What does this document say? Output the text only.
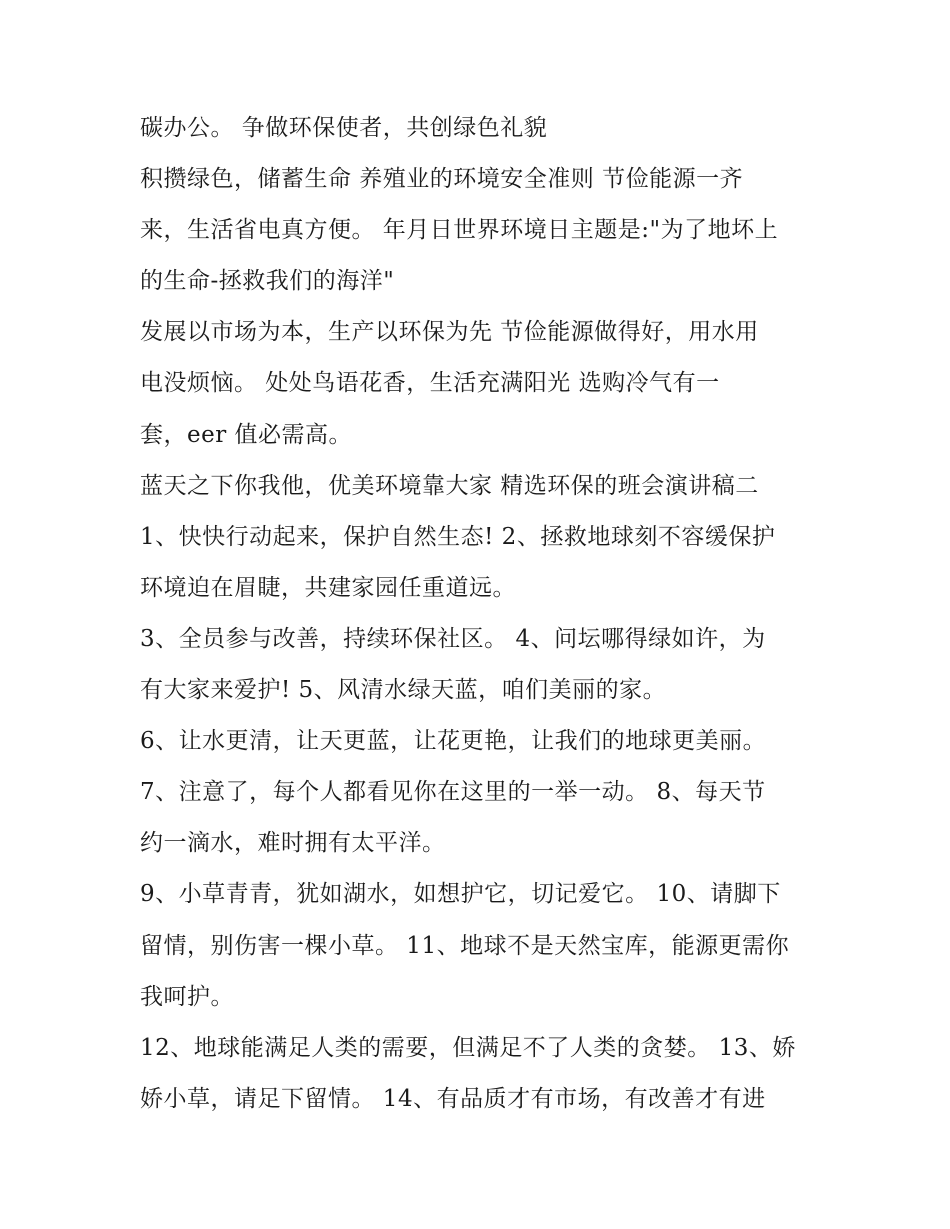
碳办公。 争做环保使者，共创绿色礼貌
积攒绿色，储蓄生命 养殖业的环境安全准则 节俭能源一齐
来，生活省电真方便。 年月日世界环境日主题是:"为了地坏上
的生命-拯救我们的海洋"
发展以市场为本，生产以环保为先 节俭能源做得好，用水用
电没烦恼。 处处鸟语花香，生活充满阳光 选购冷气有一
套，eer 值必需高。
蓝天之下你我他，优美环境靠大家 精选环保的班会演讲稿二
1、快快行动起来，保护自然生态! 2、拯救地球刻不容缓保护
环境迫在眉睫，共建家园任重道远。
3、全员参与改善，持续环保社区。 4、问坛哪得绿如许，为
有大家来爱护! 5、风清水绿天蓝，咱们美丽的家。
6、让水更清，让天更蓝，让花更艳，让我们的地球更美丽。
7、注意了，每个人都看见你在这里的一举一动。 8、每天节
约一滴水，难时拥有太平洋。
9、小草青青，犹如湖水，如想护它，切记爱它。 10、请脚下
留情，别伤害一棵小草。 11、地球不是天然宝库，能源更需你
我呵护。
12、地球能满足人类的需要，但满足不了人类的贪婪。 13、娇
娇小草，请足下留情。 14、有品质才有市场，有改善才有进
